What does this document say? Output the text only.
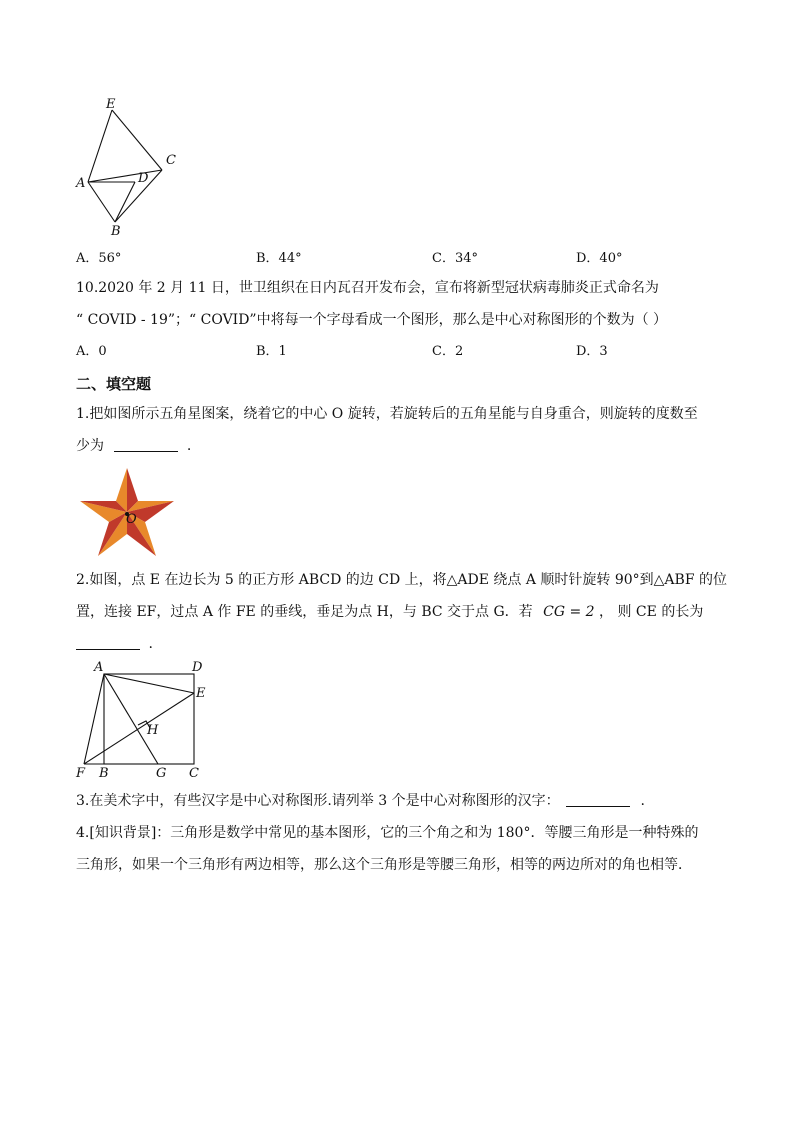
E
C
A	D
B
A．56°	B．44°	C．34°	D．40°
10.2020 年 2 月 11 日，世卫组织在日内瓦召开发布会，宣布将新型冠状病毒肺炎正式命名为
“ COVID - 19”；“ COVID”中将每一个字母看成一个图形，那么是中心对称图形的个数为（ ）
A．0	B．1	C．2	D．3
二、填空题
1.把如图所示五角星图案，绕着它的中心 O 旋转，若旋转后的五角星能与自身重合，则旋转的度数至
少为	.
O
2.如图，点 E 在边长为 5 的正方形 ABCD 的边 CD 上，将△ADE 绕点 A 顺时针旋转 90°到△ABF 的位
置，连接 EF，过点 A 作 FE 的垂线，垂足为点 H，与 BC 交于点 G．若 CG = 2 ， 则 CE 的长为
.
A	D
E
H
F B	G C
3.在美术字中，有些汉字是中心对称图形.请列举 3 个是中心对称图形的汉字：	.
4.[知识背景]：三角形是数学中常见的基本图形，它的三个角之和为 180°．等腰三角形是一种特殊的
三角形，如果一个三角形有两边相等，那么这个三角形是等腰三角形，相等的两边所对的角也相等．
